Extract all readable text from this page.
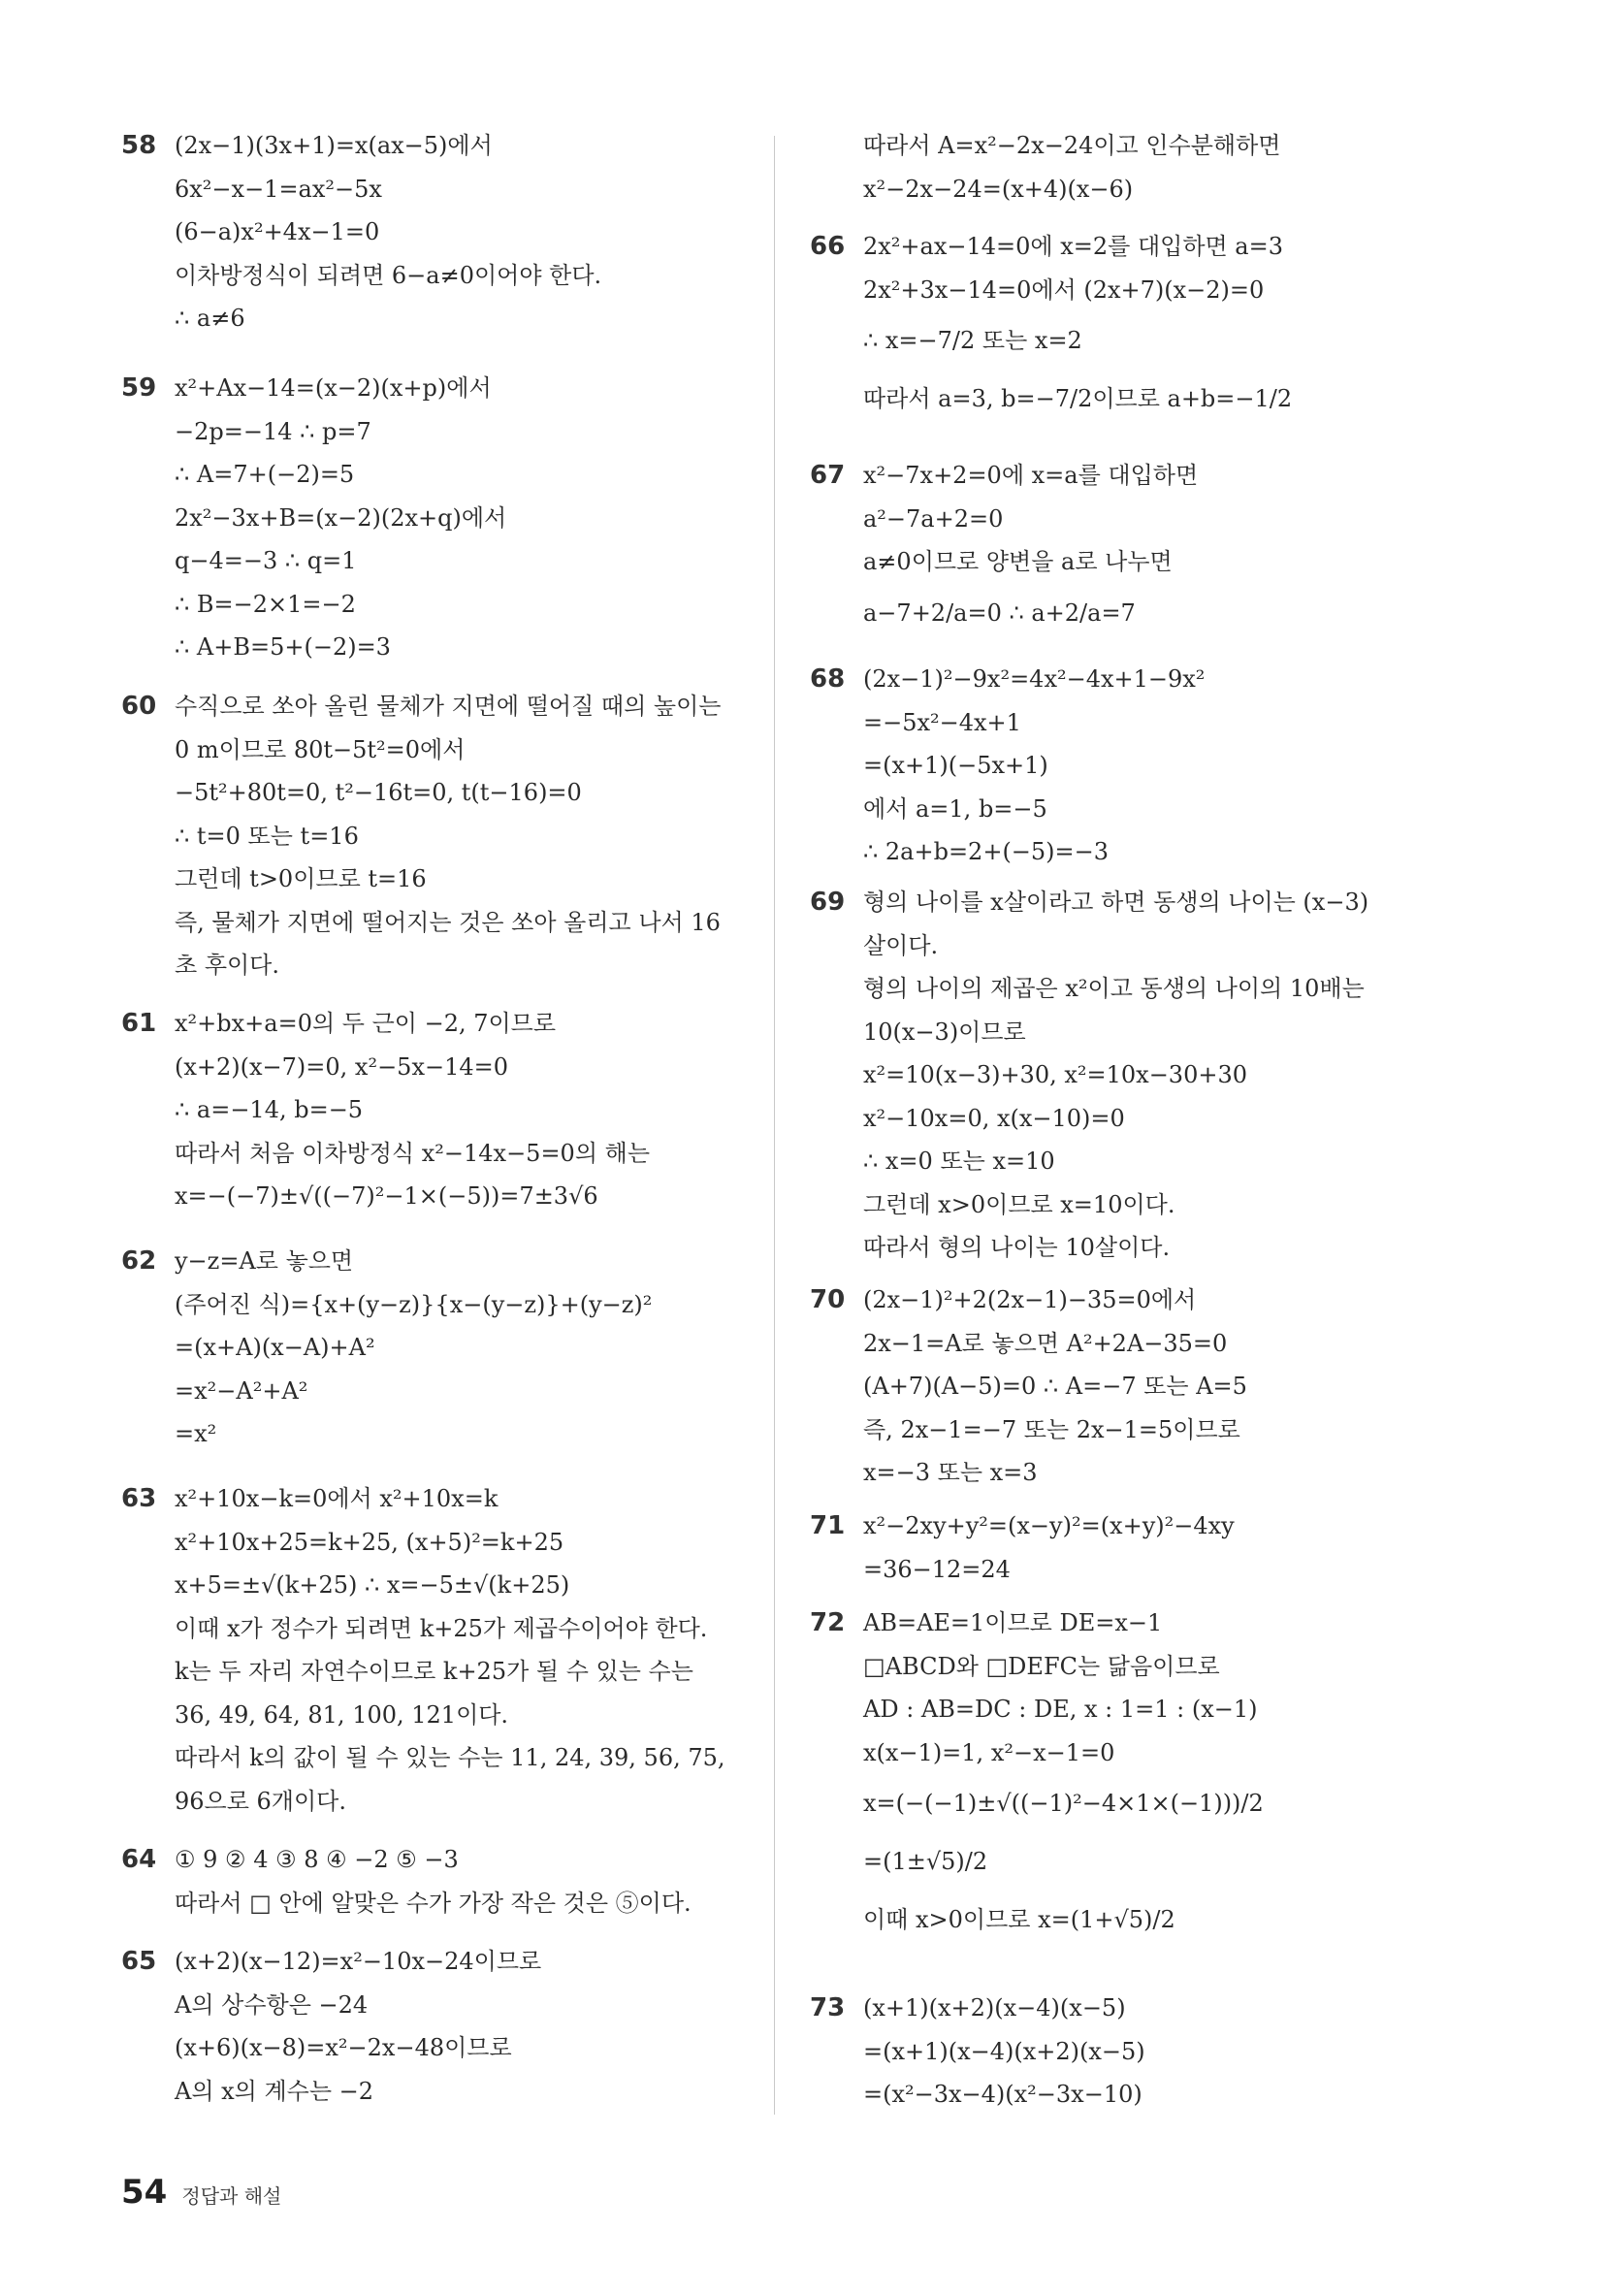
58 (2x−1)(3x+1)=x(ax−5)에서
6x²−x−1=ax²−5x
(6−a)x²+4x−1=0
이차방정식이 되려면 6−a≠0이어야 한다.
∴ a≠6
59 x²+Ax−14=(x−2)(x+p)에서
−2p=−14 ∴ p=7
∴ A=7+(−2)=5
2x²−3x+B=(x−2)(2x+q)에서
q−4=−3 ∴ q=1
∴ B=−2×1=−2
∴ A+B=5+(−2)=3
60 수직으로 쏘아 올린 물체가 지면에 떨어질 때의 높이는
0 m이므로 80t−5t²=0에서
−5t²+80t=0, t²−16t=0, t(t−16)=0
∴ t=0 또는 t=16
그런데 t>0이므로 t=16
즉, 물체가 지면에 떨어지는 것은 쏘아 올리고 나서 16
초 후이다.
61 x²+bx+a=0의 두 근이 −2, 7이므로
(x+2)(x−7)=0, x²−5x−14=0
∴ a=−14, b=−5
따라서 처음 이차방정식 x²−14x−5=0의 해는
x=−(−7)±√((−7)²−1×(−5))=7±3√6
62 y−z=A로 놓으면
(주어진 식)={x+(y−z)}{x−(y−z)}+(y−z)²
=(x+A)(x−A)+A²
=x²−A²+A²
=x²
63 x²+10x−k=0에서 x²+10x=k
x²+10x+25=k+25, (x+5)²=k+25
x+5=±√(k+25) ∴ x=−5±√(k+25)
이때 x가 정수가 되려면 k+25가 제곱수이어야 한다.
k는 두 자리 자연수이므로 k+25가 될 수 있는 수는
36, 49, 64, 81, 100, 121이다.
따라서 k의 값이 될 수 있는 수는 11, 24, 39, 56, 75,
96으로 6개이다.
64 ① 9 ② 4 ③ 8 ④ −2 ⑤ −3
따라서 □ 안에 알맞은 수가 가장 작은 것은 ⑤이다.
65 (x+2)(x−12)=x²−10x−24이므로
A의 상수항은 −24
(x+6)(x−8)=x²−2x−48이므로
A의 x의 계수는 −2
따라서 A=x²−2x−24이고 인수분해하면
x²−2x−24=(x+4)(x−6)
66 2x²+ax−14=0에 x=2를 대입하면 a=3
2x²+3x−14=0에서 (2x+7)(x−2)=0
∴ x=−7/2 또는 x=2
따라서 a=3, b=−7/2이므로 a+b=−1/2
67 x²−7x+2=0에 x=a를 대입하면
a²−7a+2=0
a≠0이므로 양변을 a로 나누면
a−7+2/a=0 ∴ a+2/a=7
68 (2x−1)²−9x²=4x²−4x+1−9x²
=−5x²−4x+1
=(x+1)(−5x+1)
에서 a=1, b=−5
∴ 2a+b=2+(−5)=−3
69 형의 나이를 x살이라고 하면 동생의 나이는 (x−3)
살이다.
형의 나이의 제곱은 x²이고 동생의 나이의 10배는
10(x−3)이므로
x²=10(x−3)+30, x²=10x−30+30
x²−10x=0, x(x−10)=0
∴ x=0 또는 x=10
그런데 x>0이므로 x=10이다.
따라서 형의 나이는 10살이다.
70 (2x−1)²+2(2x−1)−35=0에서
2x−1=A로 놓으면 A²+2A−35=0
(A+7)(A−5)=0 ∴ A=−7 또는 A=5
즉, 2x−1=−7 또는 2x−1=5이므로
x=−3 또는 x=3
71 x²−2xy+y²=(x−y)²=(x+y)²−4xy
=36−12=24
72 AB=AE=1이므로 DE=x−1
□ABCD와 □DEFC는 닮음이므로
AD : AB=DC : DE, x : 1=1 : (x−1)
x(x−1)=1, x²−x−1=0
x=(−(−1)±√((−1)²−4×1×(−1)))/2
=(1±√5)/2
이때 x>0이므로 x=(1+√5)/2
73 (x+1)(x+2)(x−4)(x−5)
=(x+1)(x−4)(x+2)(x−5)
=(x²−3x−4)(x²−3x−10)
54 정답과 해설
